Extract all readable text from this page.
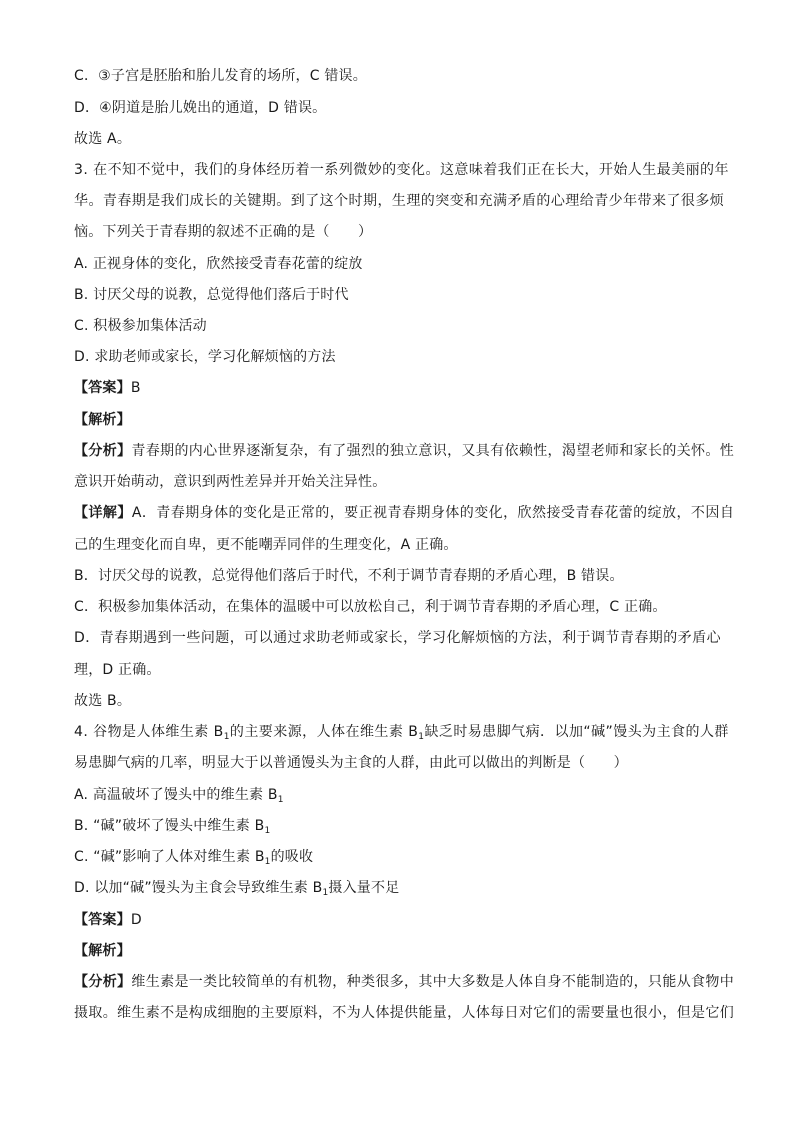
C．③子宫是胚胎和胎儿发育的场所，C 错误。
D．④阴道是胎儿娩出的通道，D 错误。
故选 A。
3. 在不知不觉中，我们的身体经历着一系列微妙的变化。这意味着我们正在长大，开始人生最美丽的年
华。青春期是我们成长的关键期。到了这个时期，生理的突变和充满矛盾的心理给青少年带来了很多烦
恼。下列关于青春期的叙述不正确的是（　　）
A. 正视身体的变化，欣然接受青春花蕾的绽放
B. 讨厌父母的说教，总觉得他们落后于时代
C. 积极参加集体活动
D. 求助老师或家长，学习化解烦恼的方法
【答案】B
【解析】
【分析】青春期的内心世界逐渐复杂，有了强烈的独立意识，又具有依赖性，渴望老师和家长的关怀。性
意识开始萌动，意识到两性差异并开始关注异性。
【详解】A．青春期身体的变化是正常的，要正视青春期身体的变化，欣然接受青春花蕾的绽放，不因自
己的生理变化而自卑，更不能嘲弄同伴的生理变化，A 正确。
B．讨厌父母的说教，总觉得他们落后于时代，不利于调节青春期的矛盾心理，B 错误。
C．积极参加集体活动，在集体的温暖中可以放松自己，利于调节青春期的矛盾心理，C 正确。
D．青春期遇到一些问题，可以通过求助老师或家长，学习化解烦恼的方法，利于调节青春期的矛盾心
理，D 正确。
故选 B。
4. 谷物是人体维生素 $B_1$的主要来源，人体在维生素 $B_1$缺乏时易患脚气病．以加“碱”馒头为主食的人群
易患脚气病的几率，明显大于以普通馒头为主食的人群，由此可以做出的判断是（　　）
A. 高温破坏了馒头中的维生素 $B_1$
B. “碱”破坏了馒头中维生素 $B_1$
C. “碱”影响了人体对维生素 $B_1$的吸收
D. 以加“碱”馒头为主食会导致维生素 $B_1$摄入量不足
【答案】D
【解析】
【分析】维生素是一类比较简单的有机物，种类很多，其中大多数是人体自身不能制造的，只能从食物中
摄取。维生素不是构成细胞的主要原料，不为人体提供能量，人体每日对它们的需要量也很小，但是它们
